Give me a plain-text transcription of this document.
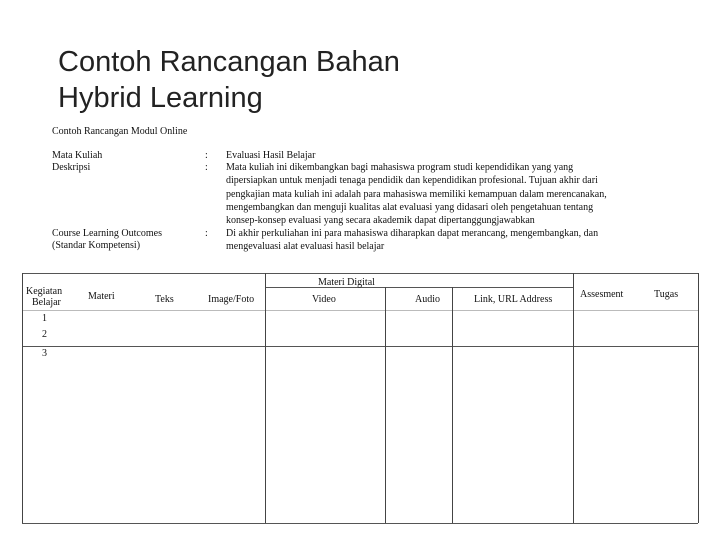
Contoh Rancangan Bahan
Hybrid Learning
Contoh Rancangan Modul Online
Mata Kuliah	: Evaluasi Hasil Belajar
Deskripsi	: Mata kuliah ini dikembangkan bagi mahasiswa program studi kependidikan yang yang
dipersiapkan untuk menjadi tenaga pendidik dan kependidikan profesional. Tujuan akhir dari
pengkajian mata kuliah ini adalah para mahasiswa memiliki kemampuan dalam merencanakan,
mengembangkan dan menguji kualitas alat evaluasi yang didasari oleh pengetahuan tentang
konsep-konsep evaluasi yang secara akademik dapat dipertanggungjawabkan
Course Learning Outcomes
(Standar Kompetensi)
: Di akhir perkuliahan ini para mahasiswa diharapkan dapat merancang, mengembangkan, dan
mengevaluasi alat evaluasi hasil belajar
Materi Digital
Kegiatan
Belajar
Materi	Teks	Image/Foto	Video	Audio	Link, URL Address	Assesment	Tugas
1
2
3
